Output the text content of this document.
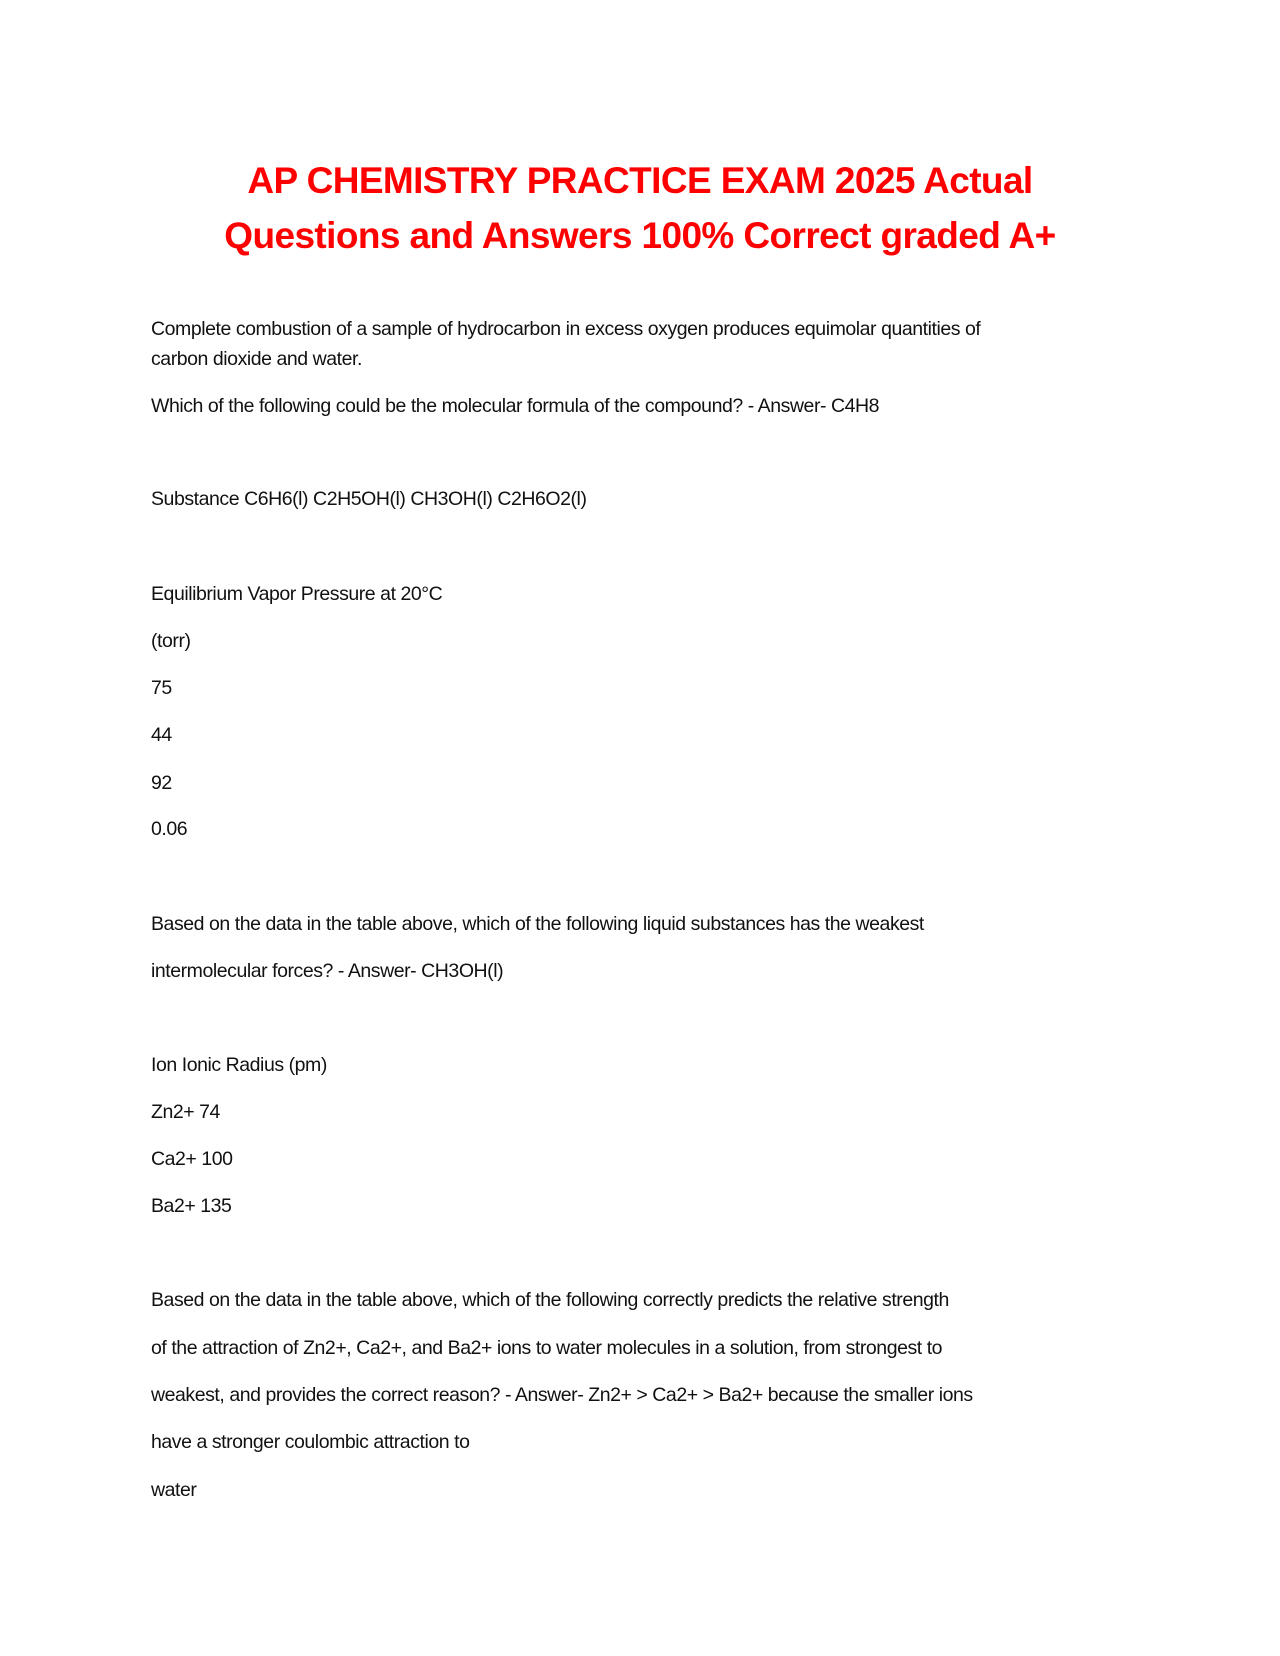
AP CHEMISTRY PRACTICE EXAM 2025 Actual
Questions and Answers 100% Correct graded A+
Complete combustion of a sample of hydrocarbon in excess oxygen produces equimolar quantities of
carbon dioxide and water.
Which of the following could be the molecular formula of the compound? - Answer- C4H8
Substance C6H6(l) C2H5OH(l) CH3OH(l) C2H6O2(l)
Equilibrium Vapor Pressure at 20°C
(torr)
75
44
92
0.06
Based on the data in the table above, which of the following liquid substances has the weakest
intermolecular forces? - Answer- CH3OH(l)
Ion Ionic Radius (pm)
Zn2+ 74
Ca2+ 100
Ba2+ 135
Based on the data in the table above, which of the following correctly predicts the relative strength
of the attraction of Zn2+, Ca2+, and Ba2+ ions to water molecules in a solution, from strongest to
weakest, and provides the correct reason? - Answer- Zn2+ > Ca2+ > Ba2+ because the smaller ions
have a stronger coulombic attraction to
water
